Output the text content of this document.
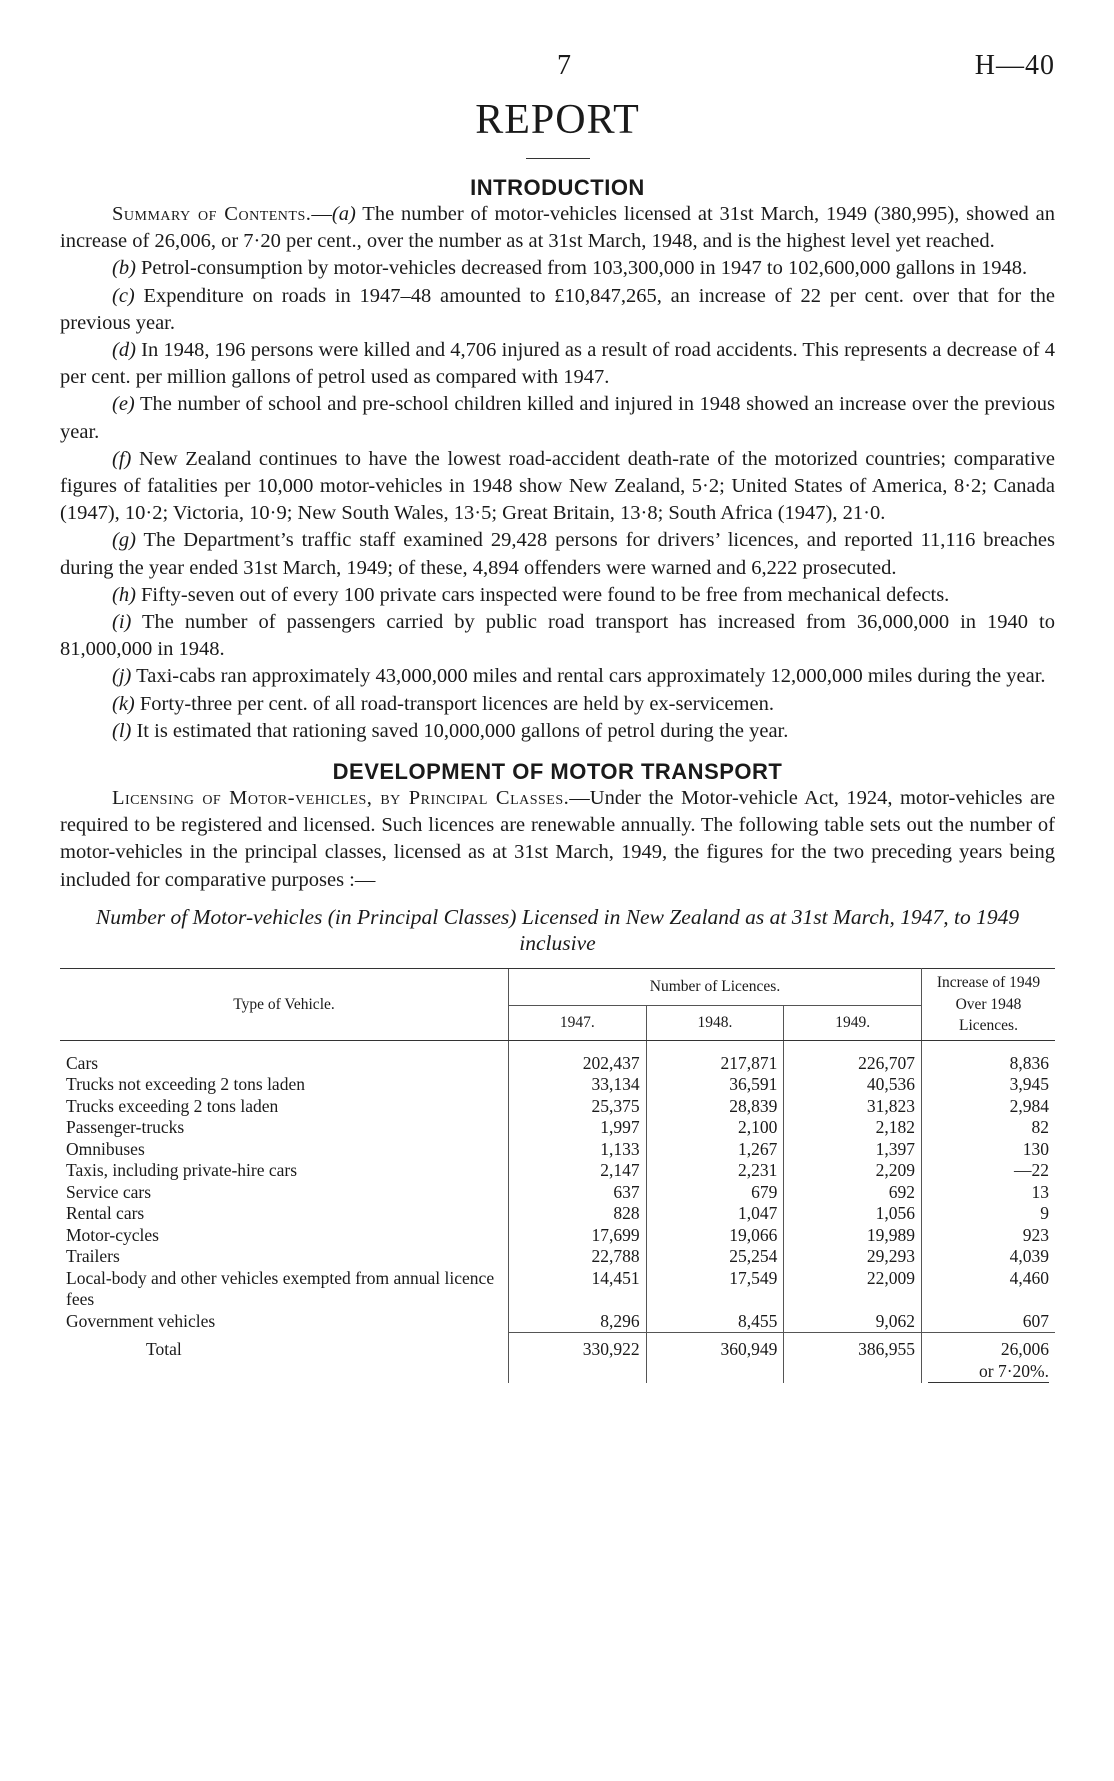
7	H—40
REPORT
INTRODUCTION

Summary of Contents.—(a) The number of motor-vehicles licensed at 31st March, 1949 (380,995), showed an increase of 26,006, or 7·20 per cent., over the number as at 31st March, 1948, and is the highest level yet reached.

(b) Petrol-consumption by motor-vehicles decreased from 103,300,000 in 1947 to 102,600,000 gallons in 1948.

(c) Expenditure on roads in 1947–48 amounted to £10,847,265, an increase of 22 per cent. over that for the previous year.

(d) In 1948, 196 persons were killed and 4,706 injured as a result of road accidents. This represents a decrease of 4 per cent. per million gallons of petrol used as compared with 1947.

(e) The number of school and pre-school children killed and injured in 1948 showed an increase over the previous year.

(f) New Zealand continues to have the lowest road-accident death-rate of the motorized countries; comparative figures of fatalities per 10,000 motor-vehicles in 1948 show New Zealand, 5·2; United States of America, 8·2; Canada (1947), 10·2; Victoria, 10·9; New South Wales, 13·5; Great Britain, 13·8; South Africa (1947), 21·0.

(g) The Department’s traffic staff examined 29,428 persons for drivers’ licences, and reported 11,116 breaches during the year ended 31st March, 1949; of these, 4,894 offenders were warned and 6,222 prosecuted.

(h) Fifty-seven out of every 100 private cars inspected were found to be free from mechanical defects.

(i) The number of passengers carried by public road transport has increased from 36,000,000 in 1940 to 81,000,000 in 1948.

(j) Taxi-cabs ran approximately 43,000,000 miles and rental cars approximately 12,000,000 miles during the year.

(k) Forty-three per cent. of all road-transport licences are held by ex-servicemen.

(l) It is estimated that rationing saved 10,000,000 gallons of petrol during the year.

DEVELOPMENT OF MOTOR TRANSPORT

Licensing of Motor-vehicles, by Principal Classes.—Under the Motor-vehicle Act, 1924, motor-vehicles are required to be registered and licensed. Such licences are renewable annually. The following table sets out the number of motor-vehicles in the principal classes, licensed as at 31st March, 1949, the figures for the two preceding years being included for comparative purposes :—

Number of Motor-vehicles (in Principal Classes) Licensed in New Zealand as at 31st March, 1947, to 1949 inclusive
Type of Vehicle.	Number of Licences.			Increase of 1949 Over 1948 Licences.
	1947.	1948.	1949.	
Cars	202,437	217,871	226,707	8,836
Trucks not exceeding 2 tons laden	33,134	36,591	40,536	3,945
Trucks exceeding 2 tons laden	25,375	28,839	31,823	2,984
Passenger-trucks	1,997	2,100	2,182	82
Omnibuses	1,133	1,267	1,397	130
Taxis, including private-hire cars	2,147	2,231	2,209	—22
Service cars	637	679	692	13
Rental cars	828	1,047	1,056	9
Motor-cycles	17,699	19,066	19,989	923
Trailers	22,788	25,254	29,293	4,039
Local-body and other vehicles exempted from annual licence fees	14,451	17,549	22,009	4,460
Government vehicles	8,296	8,455	9,062	607
Total	330,922	360,949	386,955	26,006
or 7·20%.
